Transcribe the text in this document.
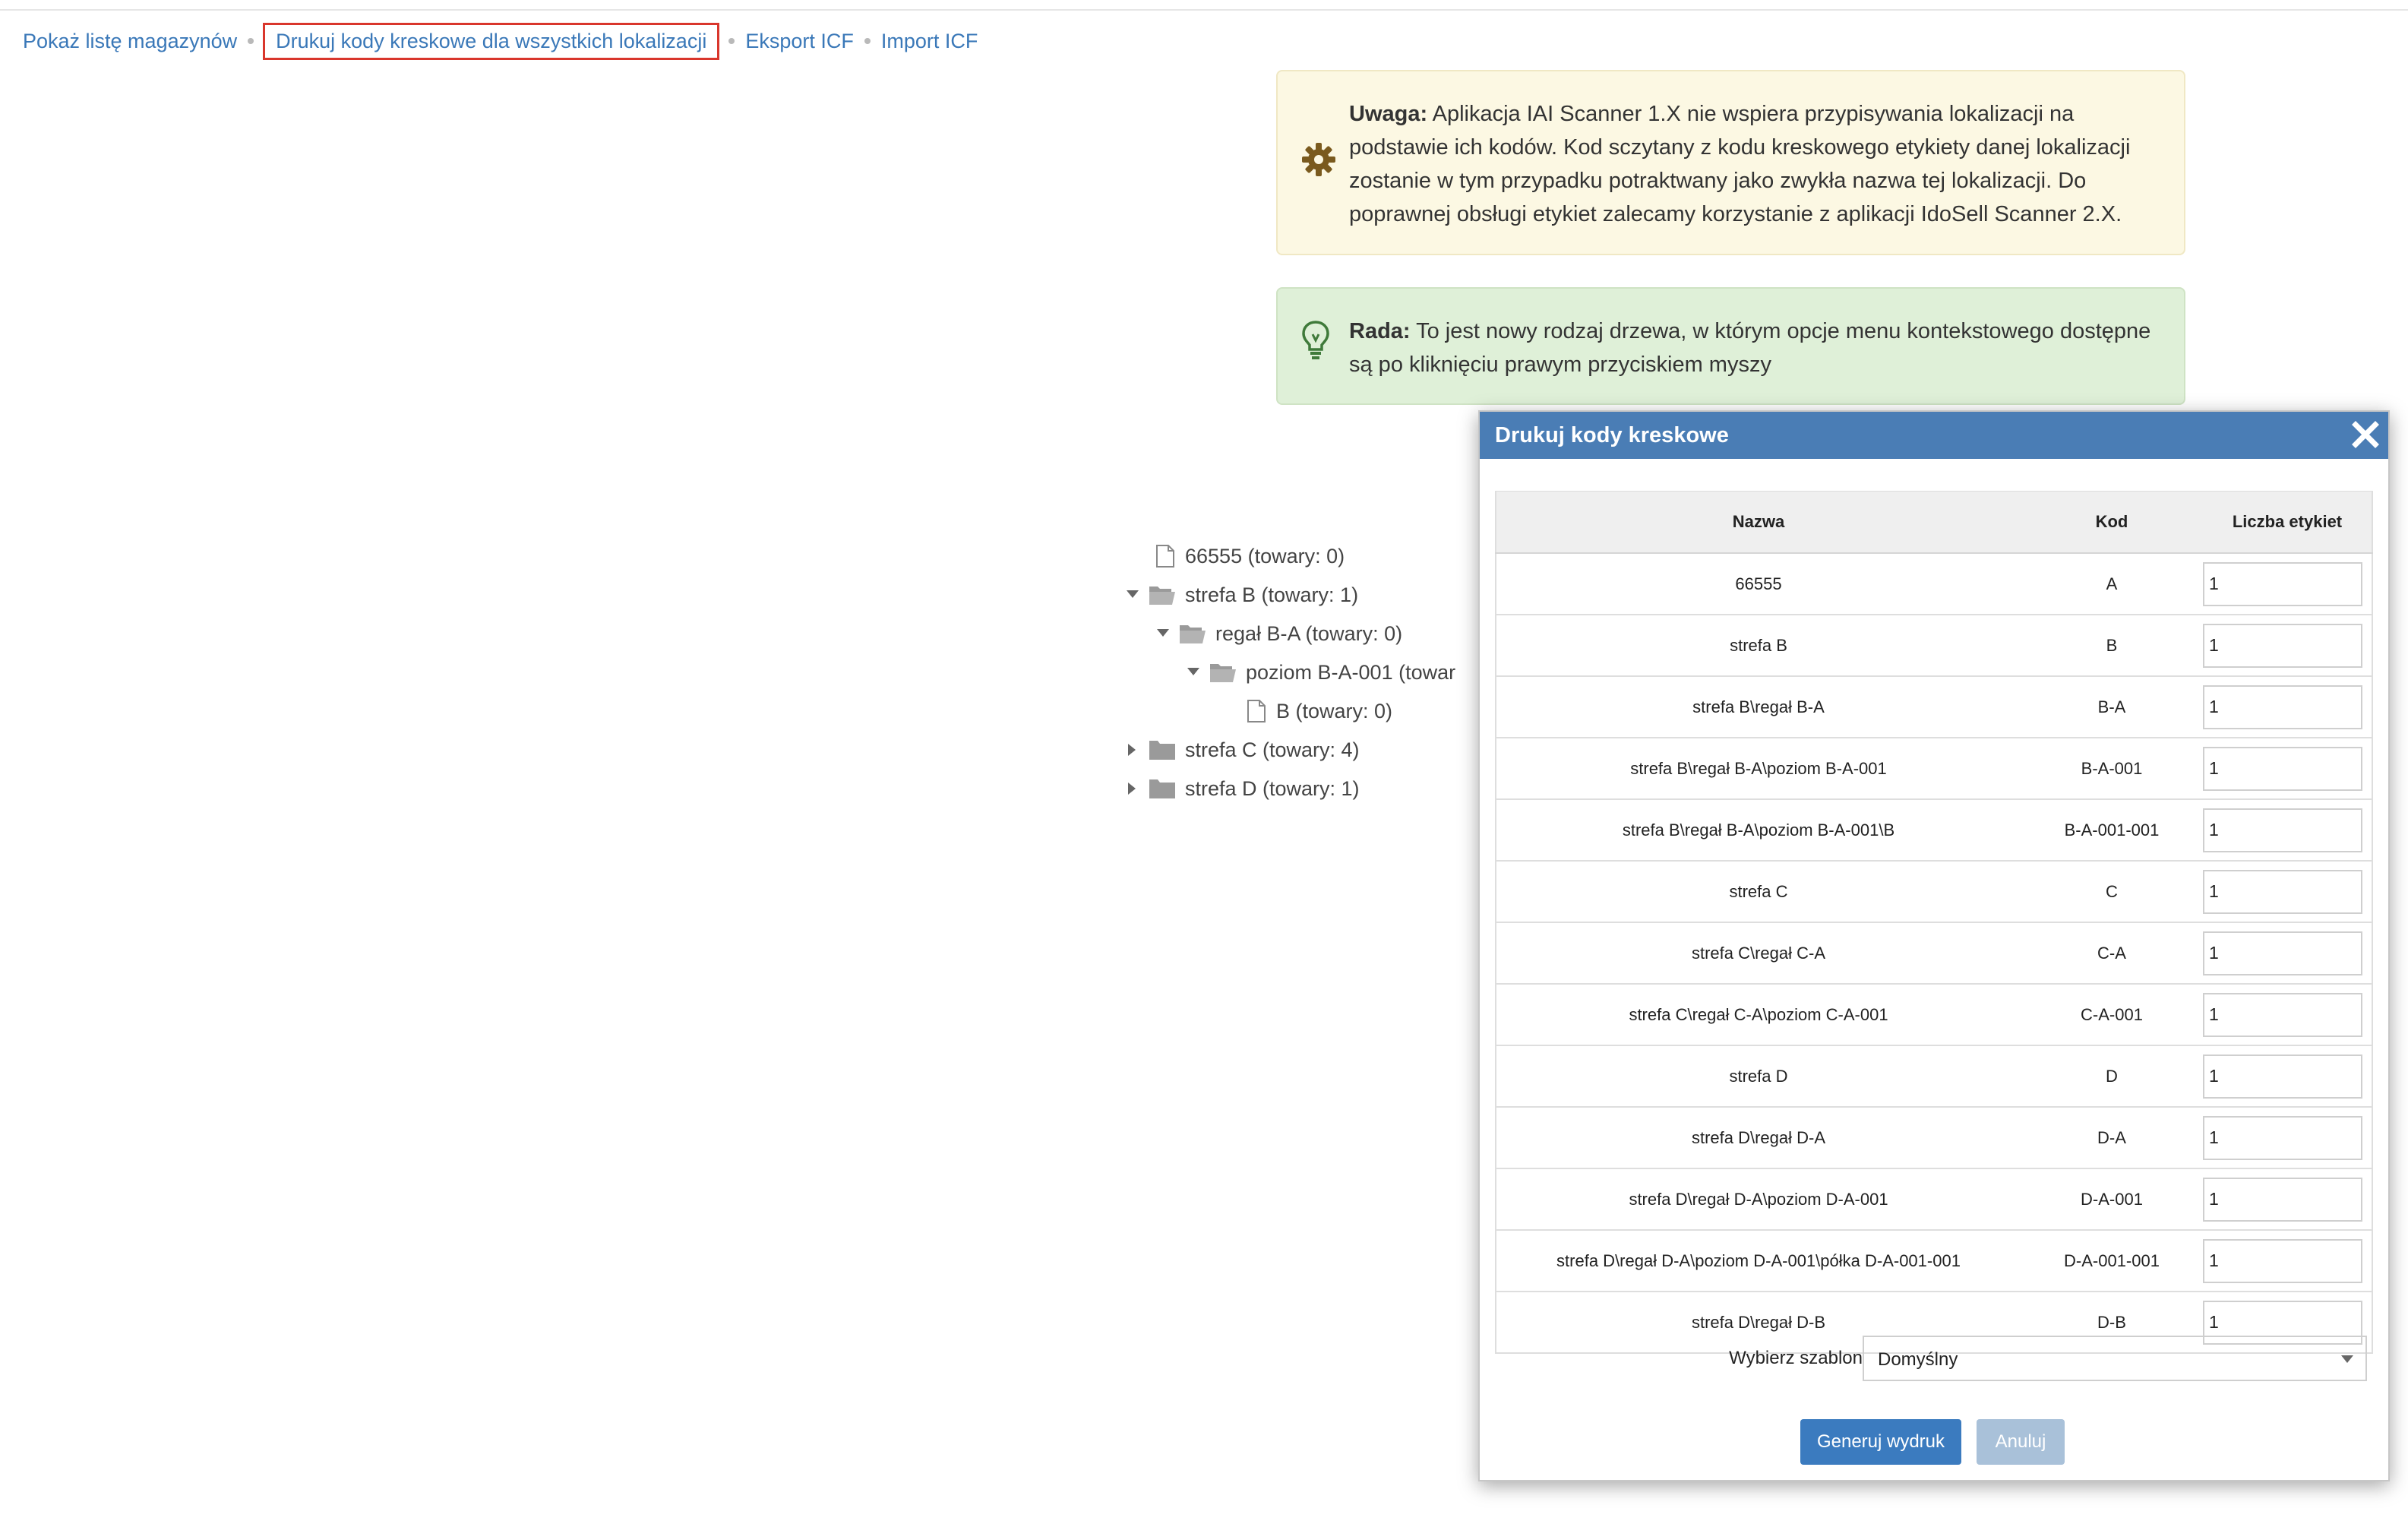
Pokaż listę magazynów	Drukuj kody kreskowe dla wszystkich lokalizacji	Eksport ICF Import ICF
Uwaga: Aplikacja IAI Scanner 1.X nie wspiera przypisywania lokalizacji na podstawie ich kodów. Kod sczytany z kodu kreskowego etykiety danej lokalizacji zostanie w tym przypadku potraktwany jako zwykła nazwa tej lokalizacji. Do poprawnej obsługi etykiet zalecamy korzystanie z aplikacji IdoSell Scanner 2.X.
Rada: To jest nowy rodzaj drzewa, w którym opcje menu kontekstowego dostępne są po kliknięciu prawym przyciskiem myszy
66555 (towary: 0)
strefa B (towary: 1)
regał B-A (towary: 0)
poziom B-A-001 (towar
B (towary: 0)
strefa C (towary: 4)
strefa D (towary: 1)
Drukuj kody kreskowe
Nazwa	Kod	Liczba etykiet
66555	A	1
strefa B	B	1
strefa B\regał B-A	B-A	1
strefa B\regał B-A\poziom B-A-001	B-A-001	1
strefa B\regał B-A\poziom B-A-001\B	B-A-001-001	1
strefa C	C	1
strefa C\regał C-A	C-A	1
strefa C\regał C-A\poziom C-A-001	C-A-001	1
strefa D	D	1
strefa D\regał D-A	D-A	1
strefa D\regał D-A\poziom D-A-001	D-A-001	1
strefa D\regał D-A\poziom D-A-001\półka D-A-001-001	D-A-001-001	1
strefa D\regał D-B	D-B	1
Wybierz szablon Domyślny
Generuj wydruk	Anuluj
